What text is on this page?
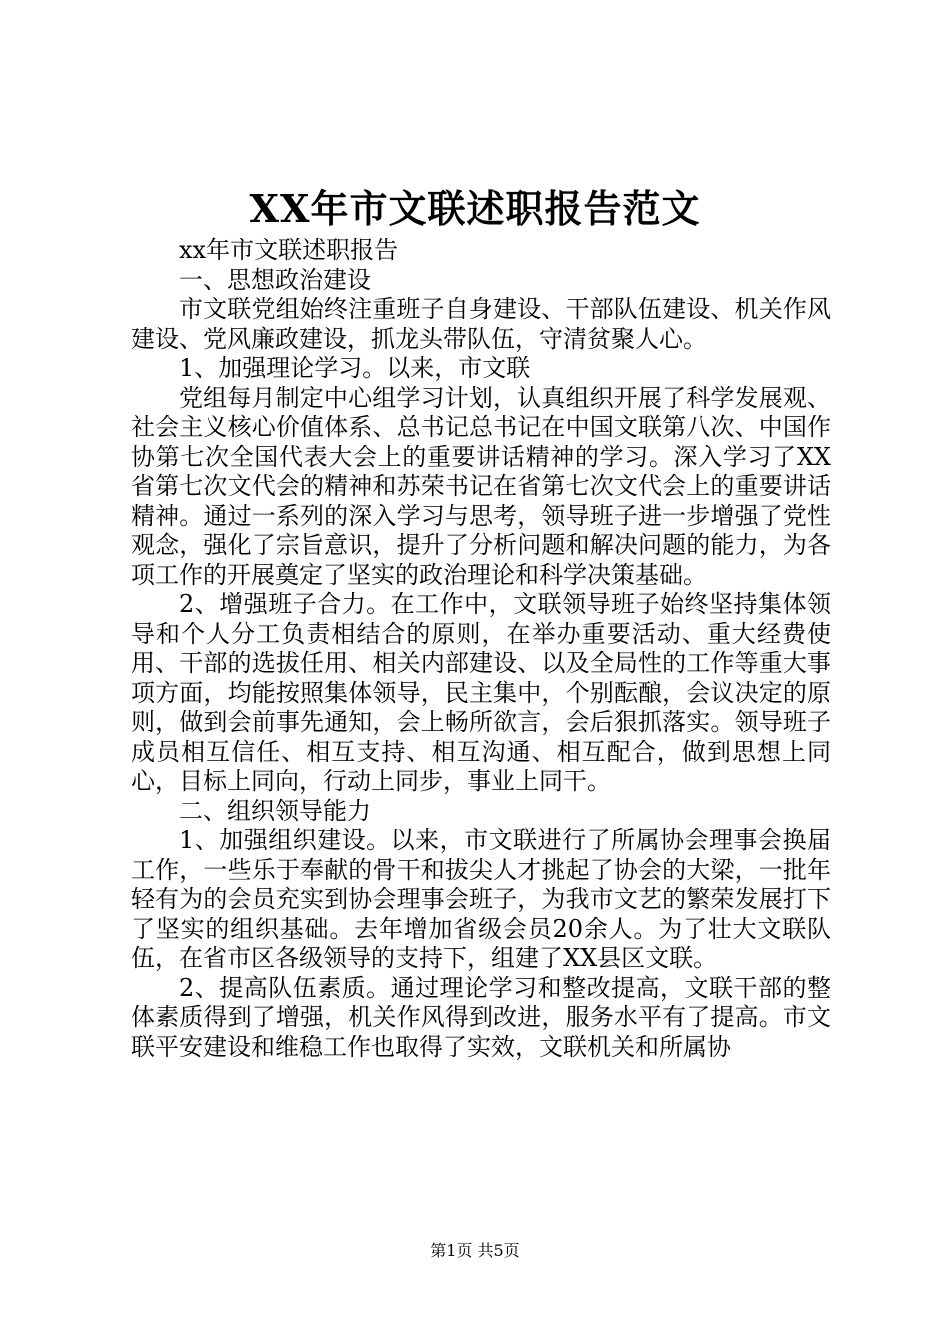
XX年市文联述职报告范文

xx年市文联述职报告

一、思想政治建设

市文联党组始终注重班子自身建设、干部队伍建设、机关作风建设、党风廉政建设，抓龙头带队伍，守清贫聚人心。

1、加强理论学习。以来，市文联

党组每月制定中心组学习计划，认真组织开展了科学发展观、社会主义核心价值体系、总书记总书记在中国文联第八次、中国作协第七次全国代表大会上的重要讲话精神的学习。深入学习了XX省第七次文代会的精神和苏荣书记在省第七次文代会上的重要讲话精神。通过一系列的深入学习与思考，领导班子进一步增强了党性观念，强化了宗旨意识，提升了分析问题和解决问题的能力，为各项工作的开展奠定了坚实的政治理论和科学决策基础。

2、增强班子合力。在工作中，文联领导班子始终坚持集体领导和个人分工负责相结合的原则，在举办重要活动、重大经费使用、干部的选拔任用、相关内部建设、以及全局性的工作等重大事项方面，均能按照集体领导，民主集中，个别酝酿，会议决定的原则，做到会前事先通知，会上畅所欲言，会后狠抓落实。领导班子成员相互信任、相互支持、相互沟通、相互配合，做到思想上同心，目标上同向，行动上同步，事业上同干。

二、组织领导能力

1、加强组织建设。以来，市文联进行了所属协会理事会换届工作，一些乐于奉献的骨干和拔尖人才挑起了协会的大梁，一批年轻有为的会员充实到协会理事会班子，为我市文艺的繁荣发展打下了坚实的组织基础。去年增加省级会员20余人。为了壮大文联队伍，在省市区各级领导的支持下，组建了XX县区文联。

2、提高队伍素质。通过理论学习和整改提高，文联干部的整体素质得到了增强，机关作风得到改进，服务水平有了提高。市文联平安建设和维稳工作也取得了实效，文联机关和所属协

第1页 共5页
